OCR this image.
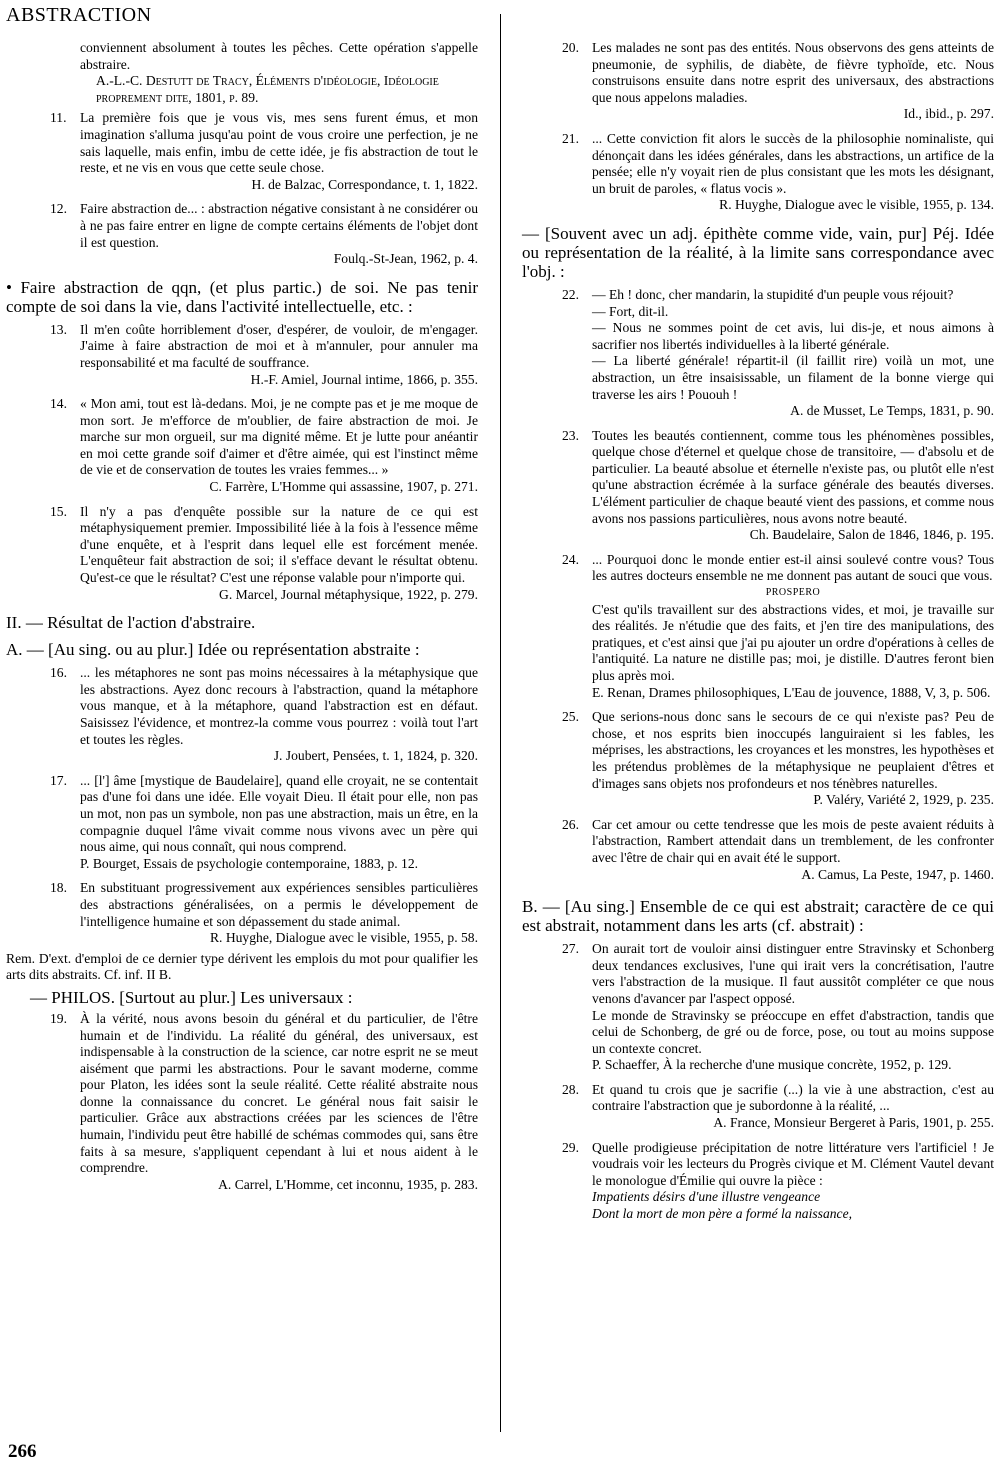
ABSTRACTION

conviennent absolument à toutes les pêches. Cette opération s'appelle abstraire.

A.-L.-C. Destutt de Tracy, Éléments d'idéologie, Idéologie proprement dite, 1801, p. 89.

11. La première fois que je vous vis, mes sens furent émus, et mon imagination s'alluma jusqu'au point de vous croire une perfection, je ne sais laquelle, mais enfin, imbu de cette idée, je fis abstraction de tout le reste, et ne vis en vous que cette seule chose.

H. de Balzac, Correspondance, t. 1, 1822.

12. Faire abstraction de... : abstraction négative consistant à ne considérer ou à ne pas faire entrer en ligne de compte certains éléments de l'objet dont il est question.

Foulq.-St-Jean, 1962, p. 4.

• Faire abstraction de qqn, (et plus partic.) de soi. Ne pas tenir compte de soi dans la vie, dans l'activité intellectuelle, etc. :

13. Il m'en coûte horriblement d'oser, d'espérer, de vouloir, de m'engager. J'aime à faire abstraction de moi et à m'annuler, pour annuler ma responsabilité et ma faculté de souffrance.

H.-F. Amiel, Journal intime, 1866, p. 355.

14. « Mon ami, tout est là-dedans. Moi, je ne compte pas et je me moque de mon sort. Je m'efforce de m'oublier, de faire abstraction de moi. Je marche sur mon orgueil, sur ma dignité même. Et je lutte pour anéantir en moi cette grande soif d'aimer et d'être aimée, qui est l'instinct même de vie et de conservation de toutes les vraies femmes... »

C. Farrère, L'Homme qui assassine, 1907, p. 271.

15. Il n'y a pas d'enquête possible sur la nature de ce qui est métaphysiquement premier. Impossibilité liée à la fois à l'essence même d'une enquête, et à l'esprit dans lequel elle est forcément menée. L'enquêteur fait abstraction de soi; il s'efface devant le résultat obtenu. Qu'est-ce que le résultat? C'est une réponse valable pour n'importe qui.

G. Marcel, Journal métaphysique, 1922, p. 279.

II. — Résultat de l'action d'abstraire.

A. — [Au sing. ou au plur.] Idée ou représentation abstraite :

16. ... les métaphores ne sont pas moins nécessaires à la métaphysique que les abstractions. Ayez donc recours à l'abstraction, quand la métaphore vous manque, et à la métaphore, quand l'abstraction est en défaut. Saisissez l'évidence, et montrez-la comme vous pourrez : voilà tout l'art et toutes les règles.

J. Joubert, Pensées, t. 1, 1824, p. 320.

17. ... [l'] âme [mystique de Baudelaire], quand elle croyait, ne se contentait pas d'une foi dans une idée. Elle voyait Dieu. Il était pour elle, non pas un mot, non pas un symbole, non pas une abstraction, mais un être, en la compagnie duquel l'âme vivait comme nous vivons avec un père qui nous aime, qui nous connaît, qui nous comprend.

P. Bourget, Essais de psychologie contemporaine, 1883, p. 12.

18. En substituant progressivement aux expériences sensibles particulières des abstractions généralisées, on a permis le développement de l'intelligence humaine et son dépassement du stade animal.

R. Huyghe, Dialogue avec le visible, 1955, p. 58.

Rem. D'ext. d'emploi de ce dernier type dérivent les emplois du mot pour qualifier les arts dits abstraits. Cf. inf. II B.

— PHILOS. [Surtout au plur.] Les universaux :

19. À la vérité, nous avons besoin du général et du particulier, de l'être humain et de l'individu. La réalité du général, des universaux, est indispensable à la construction de la science, car notre esprit ne se meut aisément que parmi les abstractions. Pour le savant moderne, comme pour Platon, les idées sont la seule réalité. Cette réalité abstraite nous donne la connaissance du concret. Le général nous fait saisir le particulier. Grâce aux abstractions créées par les sciences de l'être humain, l'individu peut être habillé de schémas commodes qui, sans être faits à sa mesure, s'appliquent cependant à lui et nous aident à le comprendre.

A. Carrel, L'Homme, cet inconnu, 1935, p. 283.

20. Les malades ne sont pas des entités. Nous observons des gens atteints de pneumonie, de syphilis, de diabète, de fièvre typhoïde, etc. Nous construisons ensuite dans notre esprit des universaux, des abstractions que nous appelons maladies.

Id., ibid., p. 297.

21. ... Cette conviction fit alors le succès de la philosophie nominaliste, qui dénonçait dans les idées générales, dans les abstractions, un artifice de la pensée; elle n'y voyait rien de plus consistant que les mots les désignant, un bruit de paroles, « flatus vocis ».

R. Huyghe, Dialogue avec le visible, 1955, p. 134.

— [Souvent avec un adj. épithète comme vide, vain, pur] Péj. Idée ou représentation de la réalité, à la limite sans correspondance avec l'obj. :

22. — Eh ! donc, cher mandarin, la stupidité d'un peuple vous réjouit?

— Fort, dit-il.

— Nous ne sommes point de cet avis, lui dis-je, et nous aimons à sacrifier nos libertés individuelles à la liberté générale.

— La liberté générale! répartit-il (il faillit rire) voilà un mot, une abstraction, un être insaisissable, un filament de la bonne vierge qui traverse les airs ! Pououh !

A. de Musset, Le Temps, 1831, p. 90.

23. Toutes les beautés contiennent, comme tous les phénomènes possibles, quelque chose d'éternel et quelque chose de transitoire, — d'absolu et de particulier. La beauté absolue et éternelle n'existe pas, ou plutôt elle n'est qu'une abstraction écrémée à la surface générale des beautés diverses. L'élément particulier de chaque beauté vient des passions, et comme nous avons nos passions particulières, nous avons notre beauté.

Ch. Baudelaire, Salon de 1846, 1846, p. 195.

24. ... Pourquoi donc le monde entier est-il ainsi soulevé contre vous? Tous les autres docteurs ensemble ne me donnent pas autant de souci que vous.

PROSPERO

C'est qu'ils travaillent sur des abstractions vides, et moi, je travaille sur des réalités. Je n'étudie que des faits, et j'en tire des manipulations, des pratiques, et c'est ainsi que j'ai pu ajouter un ordre d'opérations à celles de l'antiquité. La nature ne distille pas; moi, je distille. D'autres feront bien plus après moi.

E. Renan, Drames philosophiques, L'Eau de jouvence, 1888, V, 3, p. 506.

25. Que serions-nous donc sans le secours de ce qui n'existe pas? Peu de chose, et nos esprits bien inoccupés languiraient si les fables, les méprises, les abstractions, les croyances et les monstres, les hypothèses et les prétendus problèmes de la métaphysique ne peuplaient d'êtres et d'images sans objets nos profondeurs et nos ténèbres naturelles.

P. Valéry, Variété 2, 1929, p. 235.

26. Car cet amour ou cette tendresse que les mois de peste avaient réduits à l'abstraction, Rambert attendait dans un tremblement, de les confronter avec l'être de chair qui en avait été le support.

A. Camus, La Peste, 1947, p. 1460.

B. — [Au sing.] Ensemble de ce qui est abstrait; caractère de ce qui est abstrait, notamment dans les arts (cf. abstrait) :

27. On aurait tort de vouloir ainsi distinguer entre Stravinsky et Schonberg deux tendances exclusives, l'une qui irait vers la concrétisation, l'autre vers l'abstraction de la musique. Il faut aussitôt compléter ce que nous venons d'avancer par l'aspect opposé.

Le monde de Stravinsky se préoccupe en effet d'abstraction, tandis que celui de Schonberg, de gré ou de force, pose, ou tout au moins suppose un contexte concret.

P. Schaeffer, À la recherche d'une musique concrète, 1952, p. 129.

28. Et quand tu crois que je sacrifie (...) la vie à une abstraction, c'est au contraire l'abstraction que je subordonne à la réalité, ...

A. France, Monsieur Bergeret à Paris, 1901, p. 255.

29. Quelle prodigieuse précipitation de notre littérature vers l'artificiel ! Je voudrais voir les lecteurs du Progrès civique et M. Clément Vautel devant le monologue d'Émilie qui ouvre la pièce :

Impatients désirs d'une illustre vengeance

Dont la mort de mon père a formé la naissance,

266
